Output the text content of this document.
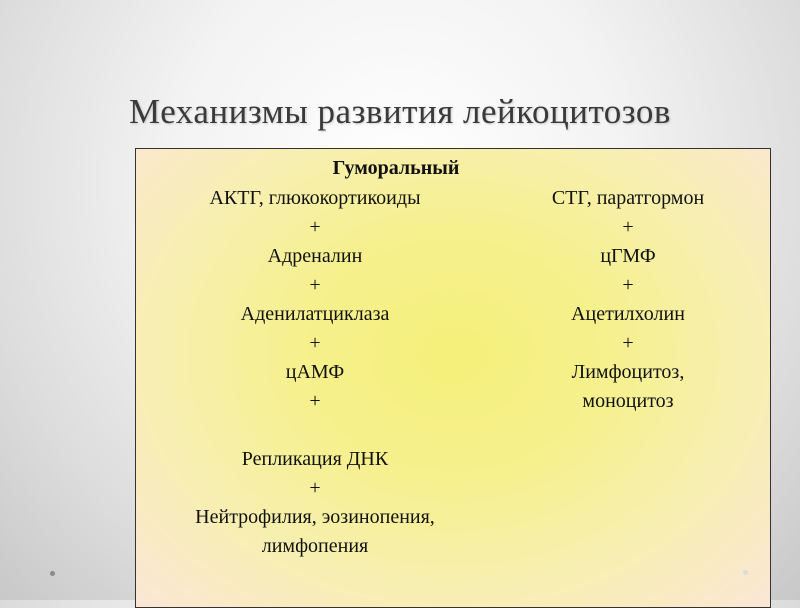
Механизмы развития лейкоцитозов
Гуморальный
АКТГ, глюкокортикоиды
+
Адреналин
+
Аденилатциклаза
+
цАМФ
+
Репликация ДНК
+
Нейтрофилия, эозинопения,
лимфопения
СТГ, паратгормон
+
цГМФ
+
Ацетилхолин
+
Лимфоцитоз,
моноцитоз
